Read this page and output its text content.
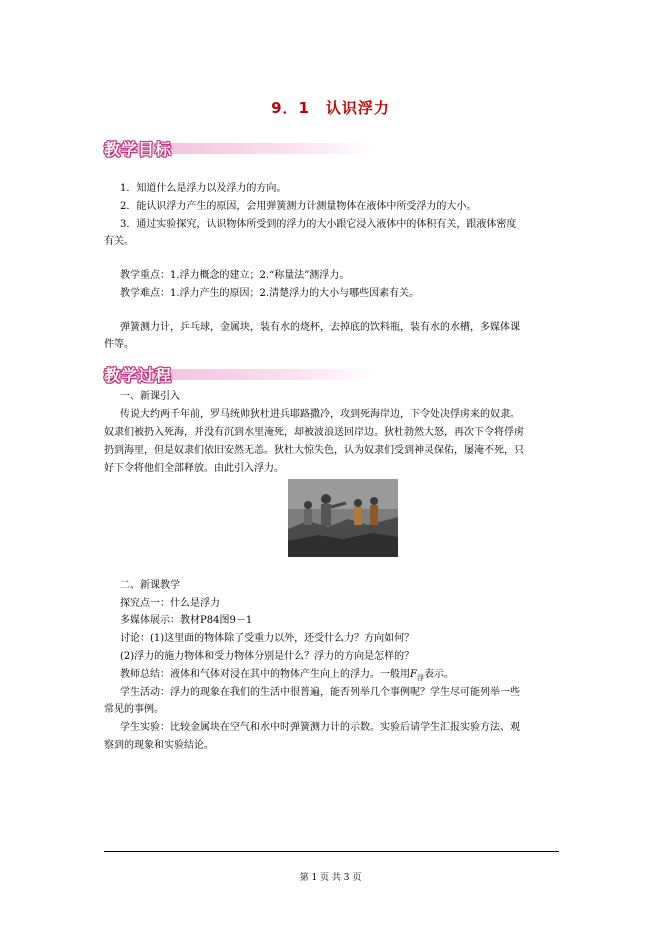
9．1　认识浮力
教学目标
1．知道什么是浮力以及浮力的方向。
2．能认识浮力产生的原因，会用弹簧测力计测量物体在液体中所受浮力的大小。
3．通过实验探究，认识物体所受到的浮力的大小跟它浸入液体中的体积有关，跟液体密度
有关。
教学重点：1.浮力概念的建立；2.“称量法”测浮力。
教学难点：1.浮力产生的原因；2.清楚浮力的大小与哪些因素有关。
弹簧测力计，乒乓球，金属块，装有水的烧杯，去掉底的饮料瓶，装有水的水槽，多媒体课
件等。
教学过程
一、新课引入
传说大约两千年前，罗马统帅狄杜进兵耶路撒冷，攻到死海岸边，下令处决俘虏来的奴隶。
奴隶们被扔入死海，并没有沉到水里淹死，却被波浪送回岸边。狄杜勃然大怒，再次下令将俘虏
扔到海里，但是奴隶们依旧安然无恙。狄杜大惊失色，认为奴隶们受到神灵保佑，屡淹不死，只
好下令将他们全部释放。由此引入浮力。
二、新课教学
探究点一：什么是浮力
多媒体展示：教材P84图9－1
讨论：(1)这里面的物体除了受重力以外，还受什么力？方向如何？
(2)浮力的施力物体和受力物体分别是什么？浮力的方向是怎样的？
教师总结：液体和气体对浸在其中的物体产生向上的浮力。一般用$F_浮$表示。
学生活动：浮力的现象在我们的生活中很普遍，能否列举几个事例呢？学生尽可能列举一些
常见的事例。
学生实验：比较金属块在空气和水中时弹簧测力计的示数。实验后请学生汇报实验方法、观
察到的现象和实验结论。
第 1 页 共 3 页
